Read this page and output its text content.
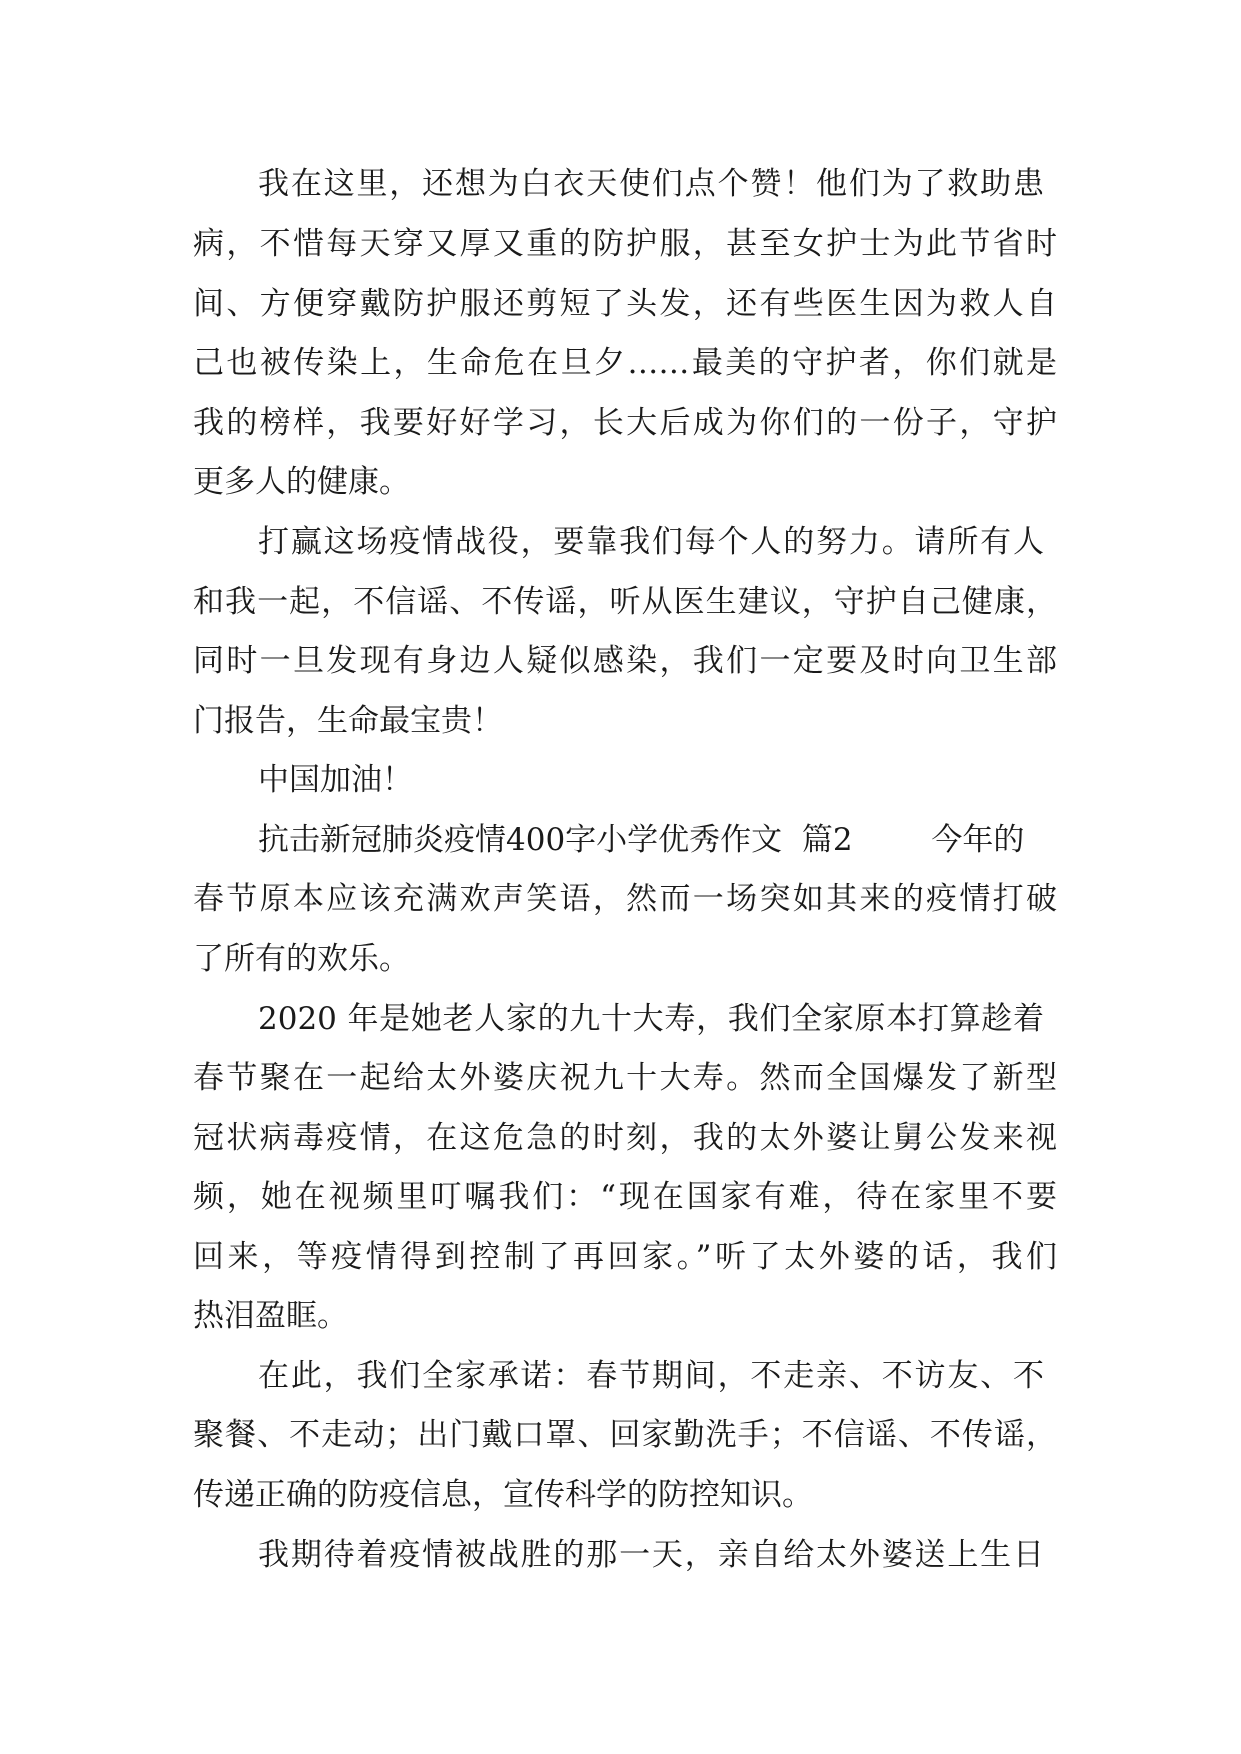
我在这里，还想为白衣天使们点个赞！他们为了救助患

病，不惜每天穿又厚又重的防护服，甚至女护士为此节省时

间、方便穿戴防护服还剪短了头发，还有些医生因为救人自

己也被传染上，生命危在旦夕……最美的守护者，你们就是

我的榜样，我要好好学习，长大后成为你们的一份子，守护

更多人的健康。

打赢这场疫情战役，要靠我们每个人的努力。请所有人

和我一起，不信谣、不传谣，听从医生建议，守护自己健康，

同时一旦发现有身边人疑似感染，我们一定要及时向卫生部

门报告，生命最宝贵！

中国加油！

抗击新冠肺炎疫情400字小学优秀作文  篇2        今年的

春节原本应该充满欢声笑语，然而一场突如其来的疫情打破

了所有的欢乐。

2020 年是她老人家的九十大寿，我们全家原本打算趁着

春节聚在一起给太外婆庆祝九十大寿。然而全国爆发了新型

冠状病毒疫情，在这危急的时刻，我的太外婆让舅公发来视

频，她在视频里叮嘱我们：“现在国家有难，待在家里不要

回来，等疫情得到控制了再回家。”听了太外婆的话，我们

热泪盈眶。

在此，我们全家承诺：春节期间，不走亲、不访友、不

聚餐、不走动；出门戴口罩、回家勤洗手；不信谣、不传谣，

传递正确的防疫信息，宣传科学的防控知识。

我期待着疫情被战胜的那一天，亲自给太外婆送上生日
